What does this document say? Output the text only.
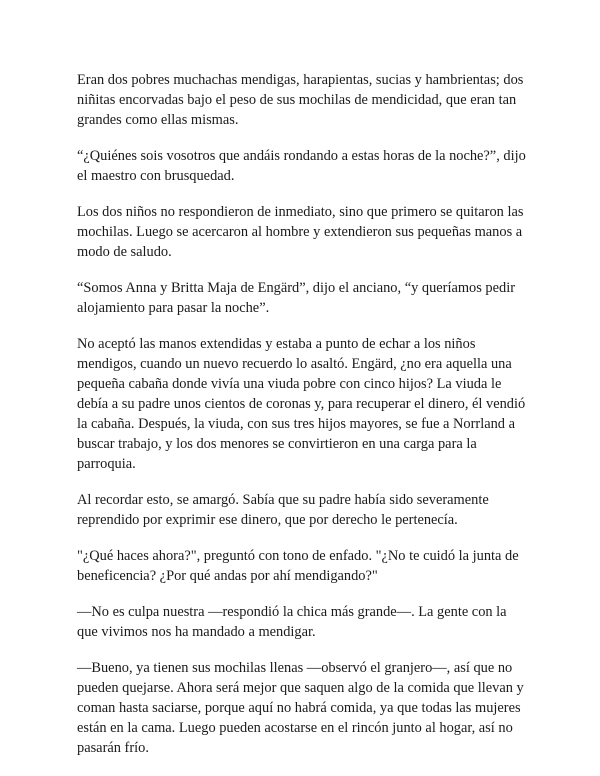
Eran dos pobres muchachas mendigas, harapientas, sucias y hambrientas; dos niñitas encorvadas bajo el peso de sus mochilas de mendicidad, que eran tan grandes como ellas mismas.

“¿Quiénes sois vosotros que andáis rondando a estas horas de la noche?”, dijo el maestro con brusquedad.

Los dos niños no respondieron de inmediato, sino que primero se quitaron las mochilas. Luego se acercaron al hombre y extendieron sus pequeñas manos a modo de saludo.

“Somos Anna y Britta Maja de Engärd”, dijo el anciano, “y queríamos pedir alojamiento para pasar la noche”.

No aceptó las manos extendidas y estaba a punto de echar a los niños mendigos, cuando un nuevo recuerdo lo asaltó. Engärd, ¿no era aquella una pequeña cabaña donde vivía una viuda pobre con cinco hijos? La viuda le debía a su padre unos cientos de coronas y, para recuperar el dinero, él vendió la cabaña. Después, la viuda, con sus tres hijos mayores, se fue a Norrland a buscar trabajo, y los dos menores se convirtieron en una carga para la parroquia.

Al recordar esto, se amargó. Sabía que su padre había sido severamente reprendido por exprimir ese dinero, que por derecho le pertenecía.

"¿Qué haces ahora?", preguntó con tono de enfado. "¿No te cuidó la junta de beneficencia? ¿Por qué andas por ahí mendigando?"

—No es culpa nuestra —respondió la chica más grande—. La gente con la que vivimos nos ha mandado a mendigar.

—Bueno, ya tienen sus mochilas llenas —observó el granjero—, así que no pueden quejarse. Ahora será mejor que saquen algo de la comida que llevan y coman hasta saciarse, porque aquí no habrá comida, ya que todas las mujeres están en la cama. Luego pueden acostarse en el rincón junto al hogar, así no pasarán frío.
